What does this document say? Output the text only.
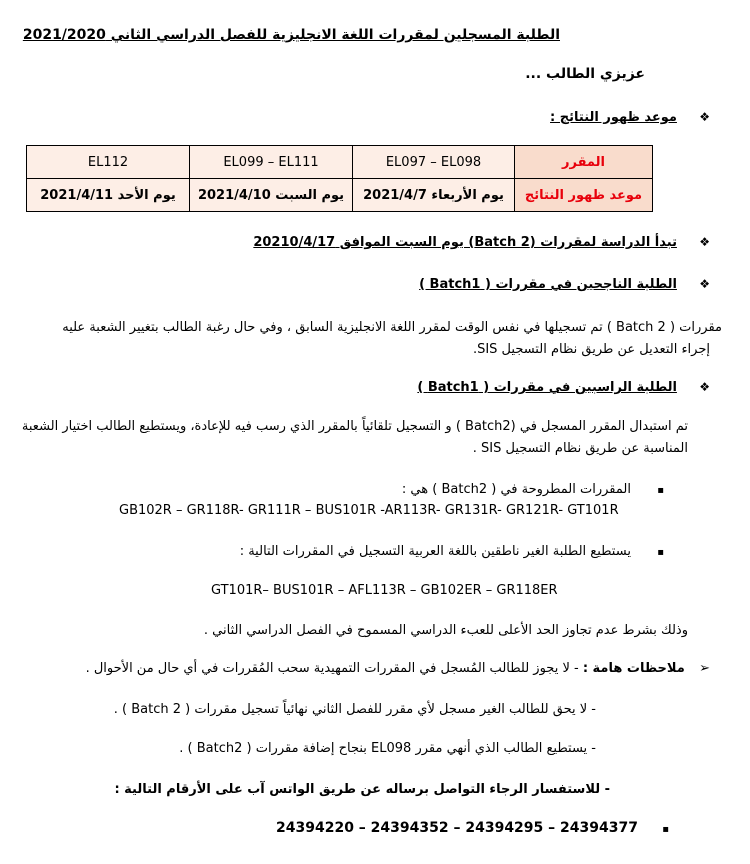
الطلبة المسجلين لمقررات اللغة الانجليزية للفصل الدراسي الثاني 2021/2020
عزيزي الطالب ...
❖  موعد ظهور النتائج :
المقرر	EL097 – EL098	EL099 – EL111	EL112
موعد ظهور النتائج	يوم الأربعاء 2021/4/7	يوم السبت 2021/4/10	يوم الأحد 2021/4/11
❖  تبدأ الدراسة لمقررات (Batch 2) يوم السبت الموافق 20210/4/17
❖  الطلبة الناجحين في مقررات ( Batch1 )
مقررات ( Batch 2 ) تم تسجيلها في نفس الوقت لمقرر اللغة الانجليزية السابق ، وفي حال رغبة الطالب بتغيير الشعبة عليه
إجراء التعديل عن طريق نظام التسجيل SIS.
❖  الطلبة الراسبين في مقررات ( Batch1 )
تم استبدال المقرر المسجل في (Batch2 ) و التسجيل تلقائياً بالمقرر الذي رسب فيه للإعادة، ويستطيع الطالب اختيار الشعبة
المناسبة عن طريق نظام التسجيل SIS .
▪  المقررات المطروحة في ( Batch2 ) هي :
GB102R – GR118R- GR111R – BUS101R -AR113R- GR131R- GR121R- GT101R
▪  يستطيع الطلبة الغير ناطقين باللغة العربية التسجيل في المقررات التالية :
GT101R– BUS101R – AFL113R – GB102ER – GR118ER
وذلك بشرط عدم تجاوز الحد الأعلى للعبء الدراسي المسموح في الفصل الدراسي الثاني .
➢  ملاحظات هامة : - لا يجوز للطالب المُسجل في المقررات التمهيدية سحب المُقررات في أي حال من الأحوال .
- لا يحق للطالب الغير مسجل لأي مقرر للفصل الثاني نهائياً تسجيل مقررات ( Batch 2 ) .
- يستطيع الطالب الذي أنهي مقرر EL098 بنجاح إضافة مقررات ( Batch2 ) .
- للاستفسار الرجاء التواصل برساله عن طريق الواتس آب على الأرقام التالية :
24394220 – 24394352 – 24394295 – 24394377 ▪
